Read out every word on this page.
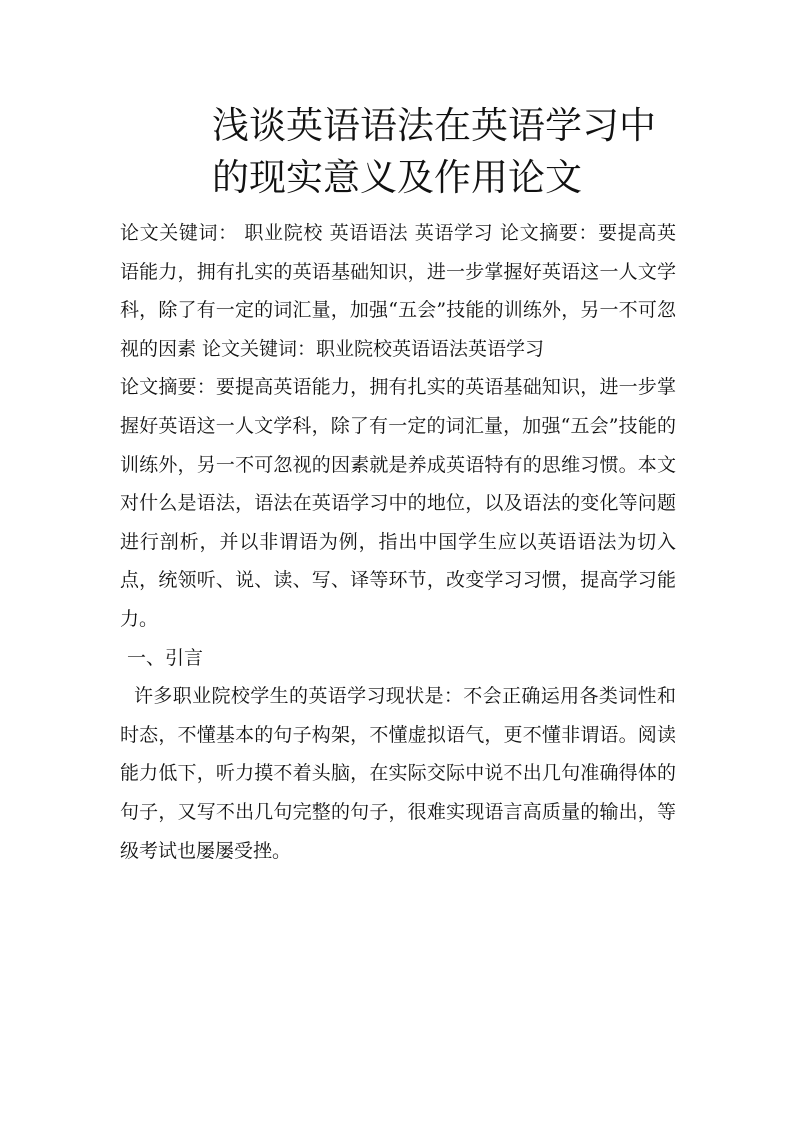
浅谈英语语法在英语学习中
的现实意义及作用论文

论文关键词： 职业院校 英语语法 英语学习 论文摘要：要提高英语能力，拥有扎实的英语基础知识，进一步掌握好英语这一人文学科，除了有一定的词汇量，加强“五会”技能的训练外，另一不可忽视的因素 论文关键词：职业院校英语语法英语学习

论文摘要：要提高英语能力，拥有扎实的英语基础知识，进一步掌握好英语这一人文学科，除了有一定的词汇量，加强“五会”技能的训练外，另一不可忽视的因素就是养成英语特有的思维习惯。本文对什么是语法，语法在英语学习中的地位，以及语法的变化等问题进行剖析，并以非谓语为例，指出中国学生应以英语语法为切入点，统领听、说、读、写、译等环节，改变学习习惯，提高学习能力。

一、引言

许多职业院校学生的英语学习现状是：不会正确运用各类词性和时态，不懂基本的句子构架，不懂虚拟语气，更不懂非谓语。阅读能力低下，听力摸不着头脑，在实际交际中说不出几句准确得体的句子，又写不出几句完整的句子，很难实现语言高质量的输出，等级考试也屡屡受挫。
